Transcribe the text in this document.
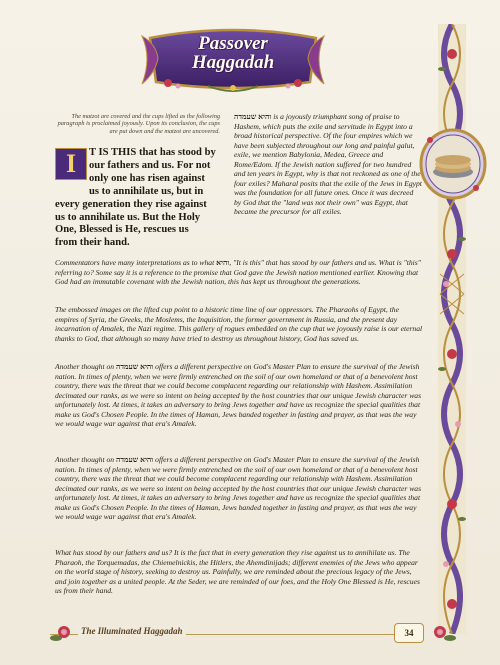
Passover
Haggadah
The matzot are covered and the cups lifted as the following paragraph is proclaimed joyously. Upon its conclusion, the cups are put down and the matzot are uncovered.
I	T IS THIS that has stood by
our fathers and us. For not
only one has risen against
us to annihilate us, but in
every generation they rise against
us to annihilate us. But the Holy
One, Blessed is He, rescues us
from their hand.
והיא שעמדה is a joyously triumphant song of praise to Hashem, which puts the exile and servitude in Egypt into a broad historical perspective. Of the four empires which we have been subjected throughout our long and painful galut, exile, we mention Babylonia, Medea, Greece and Rome/Edom. If the Jewish nation suffered for two hundred and ten years in Egypt, why is that not reckoned as one of the four exiles? Maharal posits that the exile of the Jews in Egypt was the foundation for all future ones. Once it was decreed by God that the "land was not their own" was Egypt, that became the precursor for all exiles.
Commentators have many interpretations as to what והיא, "It is this" that has stood by our fathers and us. What is "this" referring to? Some say it is a reference to the promise that God gave the Jewish nation mentioned earlier. Knowing that God had an immutable covenant with the Jewish nation, this has kept us throughout the generations.
The embossed images on the lifted cup point to a historic time line of our oppressors. The Pharaohs of Egypt, the empires of Syria, the Greeks, the Moslems, the Inquisition, the former government in Russia, and the present day incarnation of Amalek, the Nazi regime. This gallery of rogues embedded on the cup that we joyously raise is our eternal thanks to God, that although so many have tried to destroy us throughout history, God has saved us.
Another thought on והיא שעמדה offers a different perspective on God's Master Plan to ensure the survival of the Jewish nation. In times of plenty, when we were firmly entrenched on the soil of our own homeland or that of a benevolent host country, there was the threat that we could become complacent regarding our relationship with Hashem. Assimilation decimated our ranks, as we were so intent on being accepted by the host countries that our unique Jewish character was unfortunately lost. At times, it takes an adversary to bring Jews together and have us recognize the special qualities that make us God's Chosen People. In the times of Haman, Jews banded together in fasting and prayer, as that was the way we would wage war against that era's Amalek.
Another thought on והיא שעמדה offers a different perspective on God's Master Plan to ensure the survival of the Jewish nation. In times of plenty, when we were firmly entrenched on the soil of our own homeland or that of a benevolent host country, there was the threat that we could become complacent regarding our relationship with Hashem. Assimilation decimated our ranks, as we were so intent on being accepted by the host countries that our unique Jewish character was unfortunately lost. At times, it takes an adversary to bring Jews together and have us recognize the special qualities that make us God's Chosen People. In the times of Haman, Jews banded together in fasting and prayer, as that was the way we would wage war against that era's Amalek.
What has stood by our fathers and us? It is the fact that in every generation they rise against us to annihilate us. The Pharaoh, the Torquemadas, the Chiemelnickis, the Hitlers, the Ahemdinijads; different enemies of the Jews who appear on the world stage of history, seeking to destroy us. Painfully, we are reminded about the precious legacy of the Jews, and join together as a united people. At the Seder, we are reminded of our foes, and the Holy One Blessed is He, rescues us from their hand.
The Illuminated Haggadah	34
